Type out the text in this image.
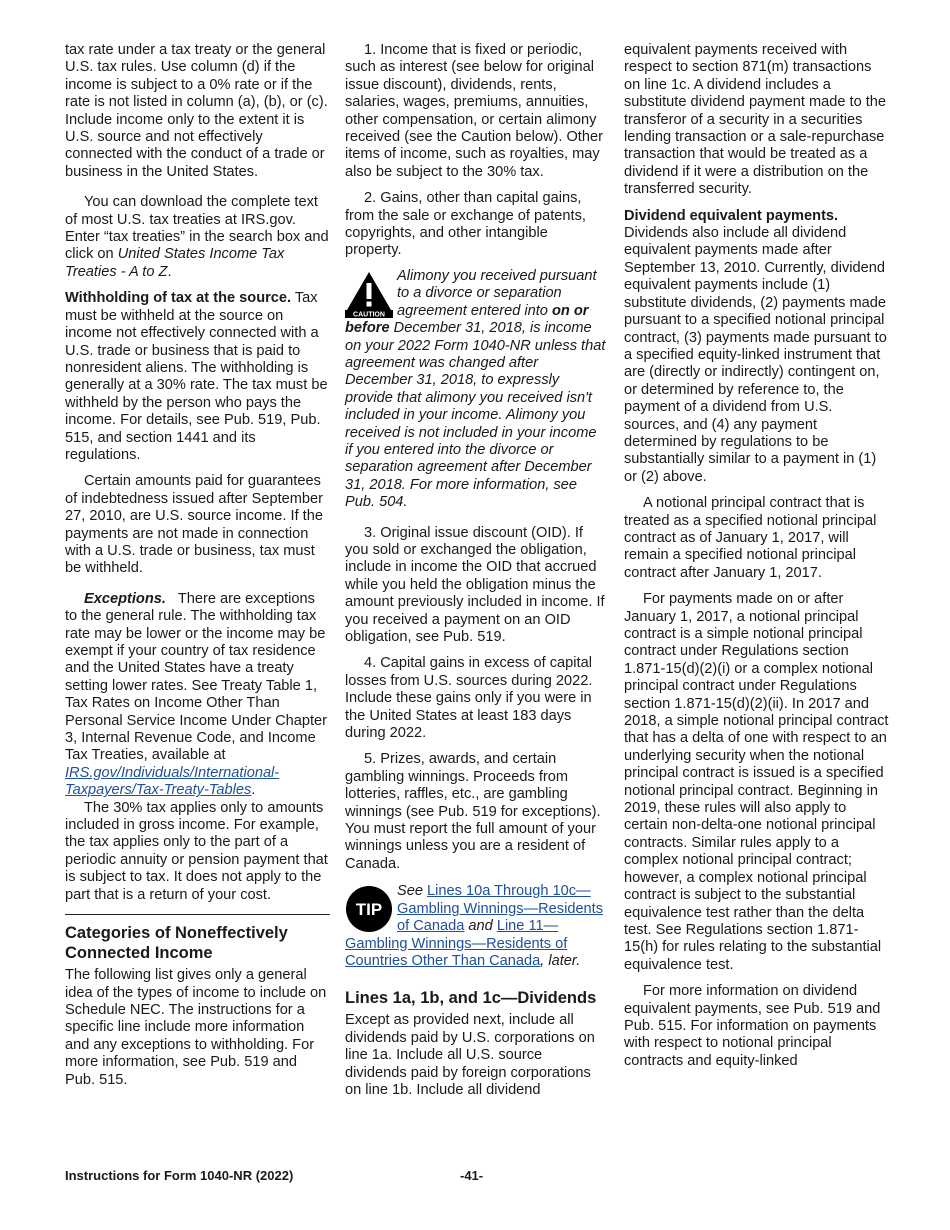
tax rate under a tax treaty or the general U.S. tax rules. Use column (d) if the income is subject to a 0% rate or if the rate is not listed in column (a), (b), or (c). Include income only to the extent it is U.S. source and not effectively connected with the conduct of a trade or business in the United States.

You can download the complete text of most U.S. tax treaties at IRS.gov. Enter “tax treaties” in the search box and click on United States Income Tax Treaties - A to Z.

Withholding of tax at the source. Tax must be withheld at the source on income not effectively connected with a U.S. trade or business that is paid to nonresident aliens. The withholding is generally at a 30% rate. The tax must be withheld by the person who pays the income. For details, see Pub. 519, Pub. 515, and section 1441 and its regulations.

Certain amounts paid for guarantees of indebtedness issued after September 27, 2010, are U.S. source income. If the payments are not made in connection with a U.S. trade or business, tax must be withheld.

Exceptions. There are exceptions to the general rule. The withholding tax rate may be lower or the income may be exempt if your country of tax residence and the United States have a treaty setting lower rates. See Treaty Table 1, Tax Rates on Income Other Than Personal Service Income Under Chapter 3, Internal Revenue Code, and Income Tax Treaties, available at IRS.gov/Individuals/International-Taxpayers/Tax-Treaty-Tables.

The 30% tax applies only to amounts included in gross income. For example, the tax applies only to the part of a periodic annuity or pension payment that is subject to tax. It does not apply to the part that is a return of your cost.

Categories of Noneffectively Connected Income

The following list gives only a general idea of the types of income to include on Schedule NEC. The instructions for a specific line include more information and any exceptions to withholding. For more information, see Pub. 519 and Pub. 515.

1. Income that is fixed or periodic, such as interest (see below for original issue discount), dividends, rents, salaries, wages, premiums, annuities, other compensation, or certain alimony received (see the Caution below). Other items of income, such as royalties, may also be subject to the 30% tax.

2. Gains, other than capital gains, from the sale or exchange of patents, copyrights, and other intangible property.

CAUTION

Alimony you received pursuant to a divorce or separation agreement entered into on or before December 31, 2018, is income on your 2022 Form 1040-NR unless that agreement was changed after December 31, 2018, to expressly provide that alimony you received isn't included in your income. Alimony you received is not included in your income if you entered into the divorce or separation agreement after December 31, 2018. For more information, see Pub. 504.

3. Original issue discount (OID). If you sold or exchanged the obligation, include in income the OID that accrued while you held the obligation minus the amount previously included in income. If you received a payment on an OID obligation, see Pub. 519.

4. Capital gains in excess of capital losses from U.S. sources during 2022. Include these gains only if you were in the United States at least 183 days during 2022.

5. Prizes, awards, and certain gambling winnings. Proceeds from lotteries, raffles, etc., are gambling winnings (see Pub. 519 for exceptions). You must report the full amount of your winnings unless you are a resident of Canada.

TIP

See Lines 10a Through 10c—Gambling Winnings—Residents of Canada and Line 11—Gambling Winnings—Residents of Countries Other Than Canada, later.

Lines 1a, 1b, and 1c—Dividends

Except as provided next, include all dividends paid by U.S. corporations on line 1a. Include all U.S. source dividends paid by foreign corporations on line 1b. Include all dividend

equivalent payments received with respect to section 871(m) transactions on line 1c. A dividend includes a substitute dividend payment made to the transferor of a security in a securities lending transaction or a sale-repurchase transaction that would be treated as a dividend if it were a distribution on the transferred security.

Dividend equivalent payments. Dividends also include all dividend equivalent payments made after September 13, 2010. Currently, dividend equivalent payments include (1) substitute dividends, (2) payments made pursuant to a specified notional principal contract, (3) payments made pursuant to a specified equity-linked instrument that are (directly or indirectly) contingent on, or determined by reference to, the payment of a dividend from U.S. sources, and (4) any payment determined by regulations to be substantially similar to a payment in (1) or (2) above.

A notional principal contract that is treated as a specified notional principal contract as of January 1, 2017, will remain a specified notional principal contract after January 1, 2017.

For payments made on or after January 1, 2017, a notional principal contract is a simple notional principal contract under Regulations section 1.871-15(d)(2)(i) or a complex notional principal contract under Regulations section 1.871-15(d)(2)(ii). In 2017 and 2018, a simple notional principal contract that has a delta of one with respect to an underlying security when the notional principal contract is issued is a specified notional principal contract. Beginning in 2019, these rules will also apply to certain non-delta-one notional principal contracts. Similar rules apply to a complex notional principal contract; however, a complex notional principal contract is subject to the substantial equivalence test rather than the delta test. See Regulations section 1.871-15(h) for rules relating to the substantial equivalence test.

For more information on dividend equivalent payments, see Pub. 519 and Pub. 515. For information on payments with respect to notional principal contracts and equity-linked

Instructions for Form 1040-NR (2022)	-41-
